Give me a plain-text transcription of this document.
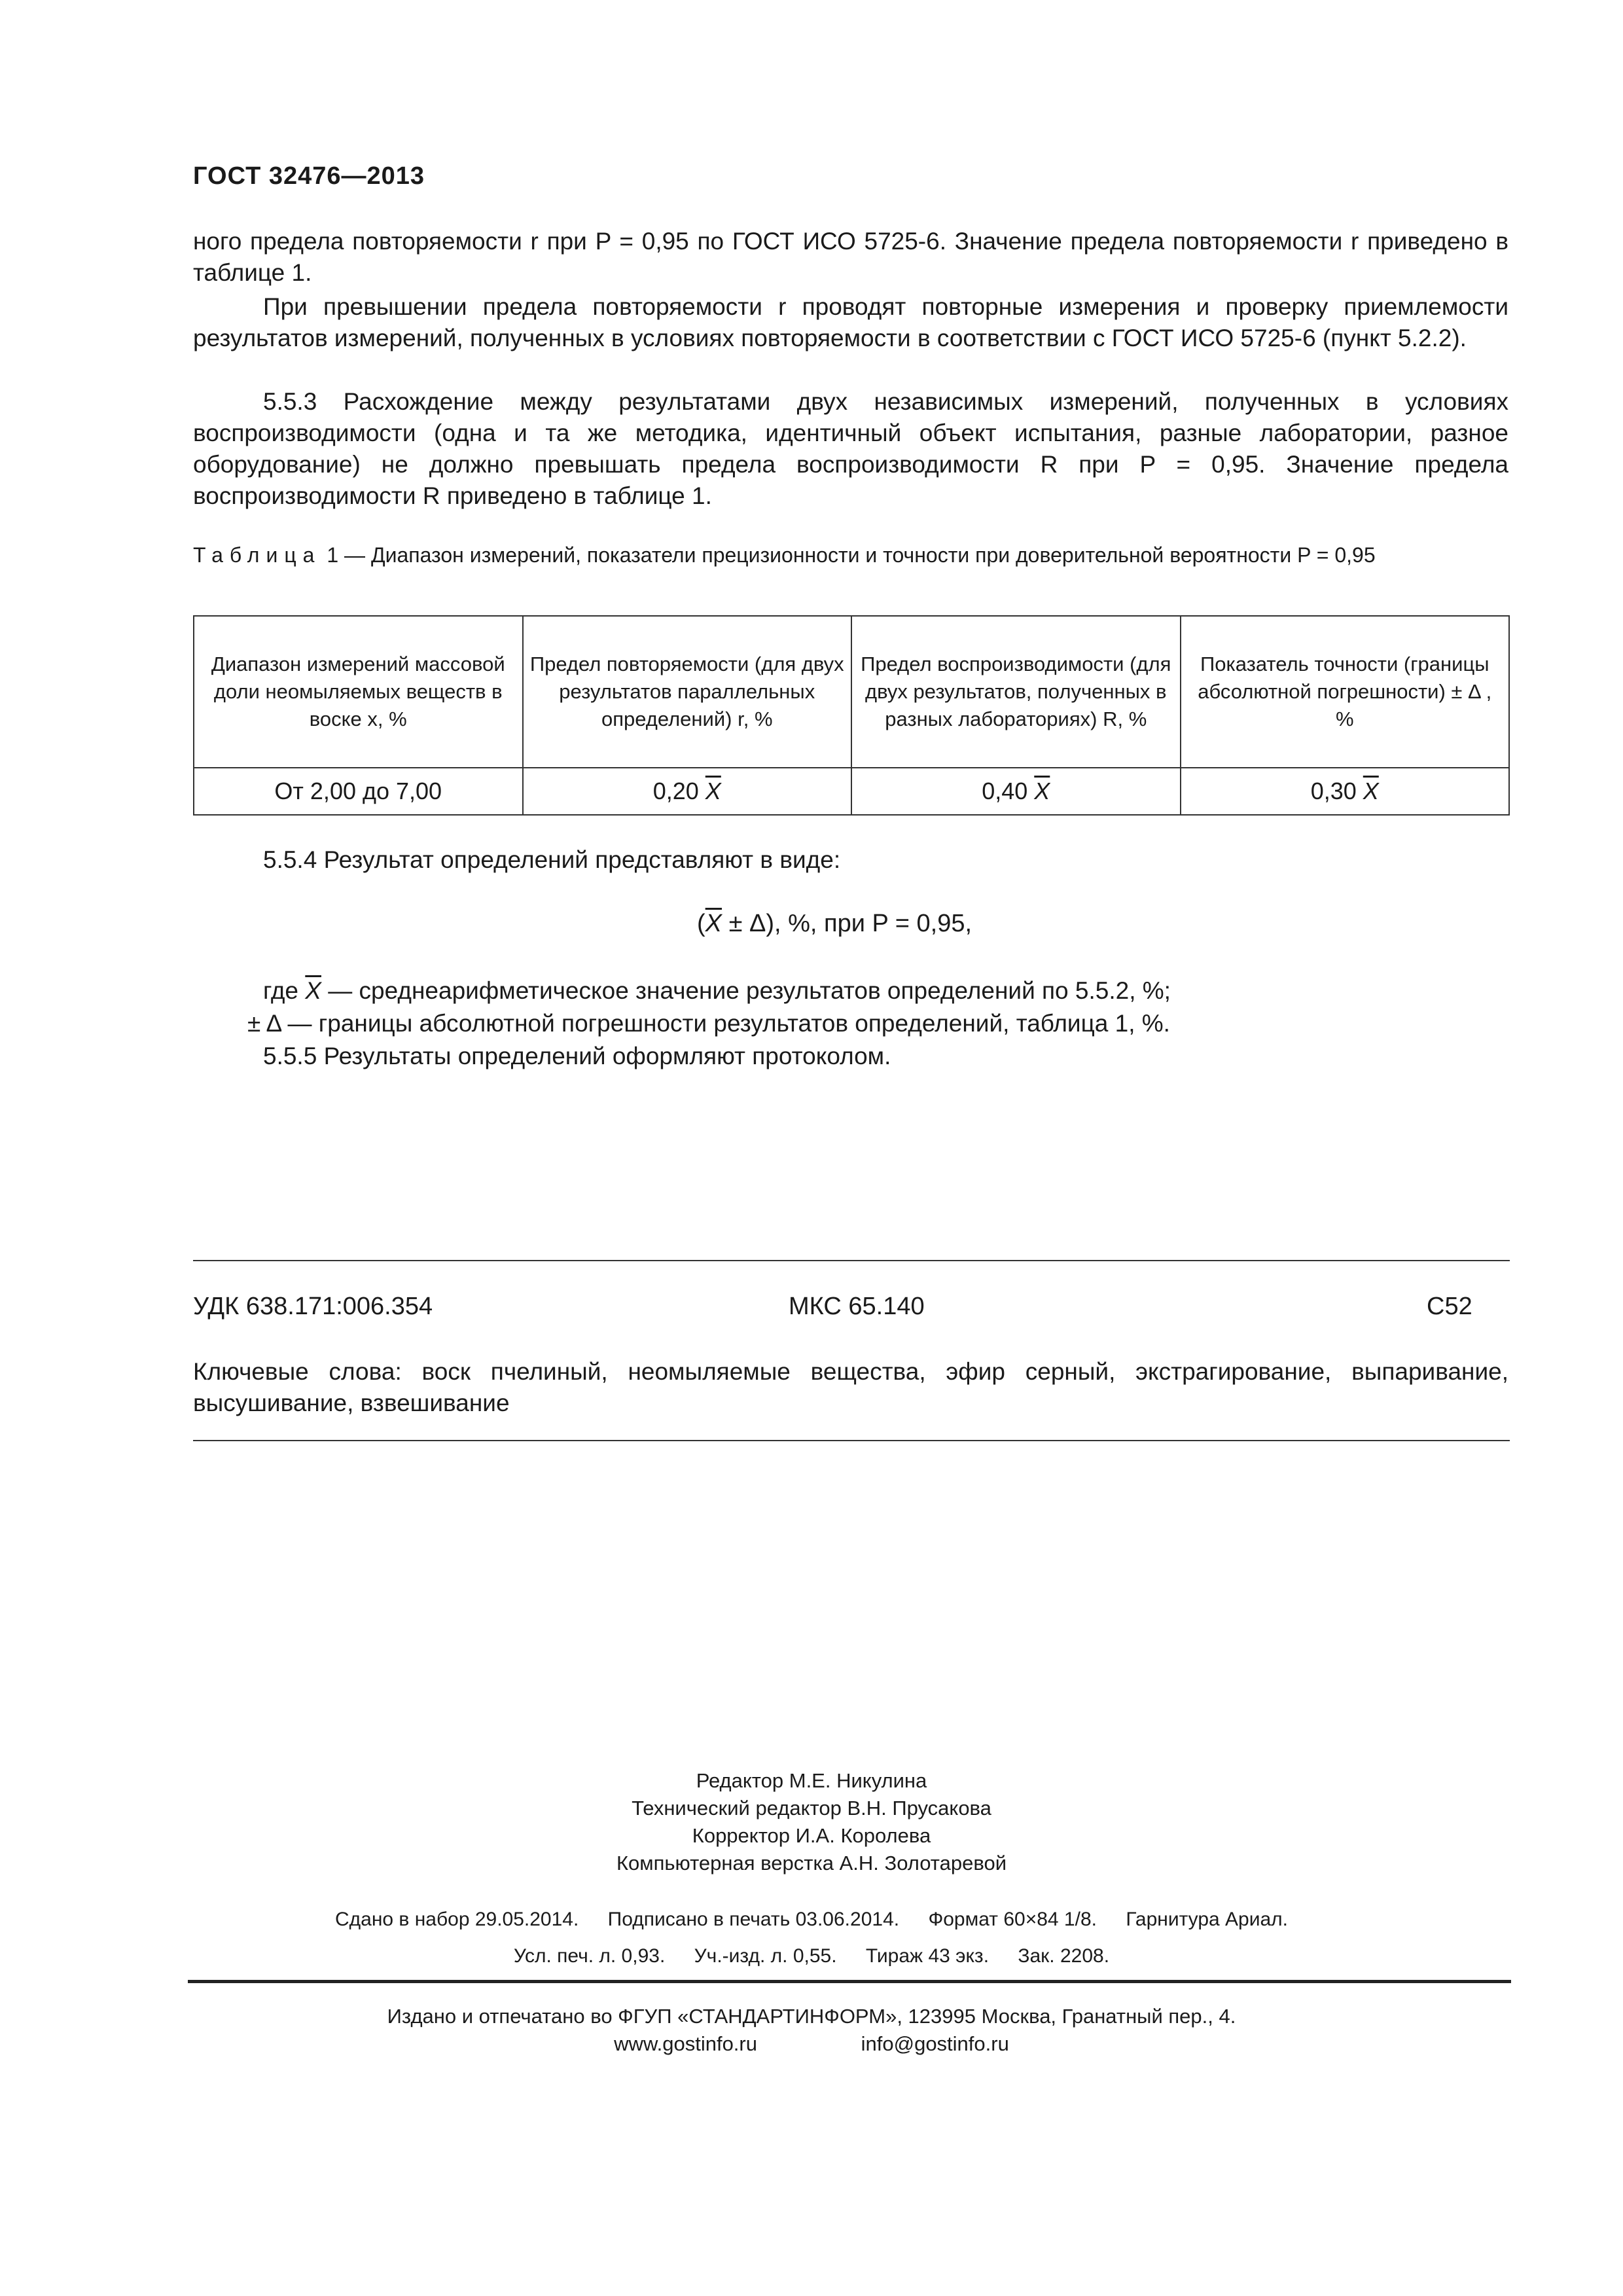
ГОСТ 32476—2013
ного предела повторяемости r при P = 0,95 по ГОСТ ИСО 5725-6. Значение предела повторяемости r приведено в таблице 1.
При превышении предела повторяемости r проводят повторные измерения и проверку приемлемости результатов измерений, полученных в условиях повторяемости в соответствии с ГОСТ ИСО 5725-6 (пункт 5.2.2).
5.5.3 Расхождение между результатами двух независимых измерений, полученных в условиях воспроизводимости (одна и та же методика, идентичный объект испытания, разные лаборатории, разное оборудование) не должно превышать предела воспроизводимости R при P = 0,95. Значение предела воспроизводимости R приведено в таблице 1.
Таблица 1 — Диапазон измерений, показатели прецизионности и точности при доверительной вероятности P = 0,95
Диапазон измерений массовой доли неомыляемых веществ в воске x, %	Предел повторяемости (для двух результатов параллельных определений) r, %	Предел воспроизводимости (для двух результатов, полученных в разных лабораториях) R, %	Показатель точности (границы абсолютной погрешности) ± Δ , %
От 2,00 до 7,00	0,20 $\overline{X}$	0,40 $\overline{X}$	0,30 $\overline{X}$
5.5.4 Результат определений представляют в виде:
$(\overline{X} \pm \Delta)$, %, при P = 0,95,
где $\overline{X}$ — среднеарифметическое значение результатов определений по 5.5.2, %;
± Δ — границы абсолютной погрешности результатов определений, таблица 1, %.
5.5.5 Результаты определений оформляют протоколом.
УДК 638.171:006.354	МКС 65.140	С52
Ключевые слова: воск пчелиный, неомыляемые вещества, эфир серный, экстрагирование, выпаривание, высушивание, взвешивание
Редактор М.Е. Никулина
Технический редактор В.Н. Прусакова
Корректор И.А. Королева
Компьютерная верстка А.Н. Золотаревой
Сдано в набор 29.05.2014. Подписано в печать 03.06.2014. Формат 60×84 1/8. Гарнитура Ариал.
Усл. печ. л. 0,93. Уч.-изд. л. 0,55. Тираж 43 экз. Зак. 2208.
Издано и отпечатано во ФГУП «СТАНДАРТИНФОРМ», 123995 Москва, Гранатный пер., 4.
www.gostinfo.ru	info@gostinfo.ru
